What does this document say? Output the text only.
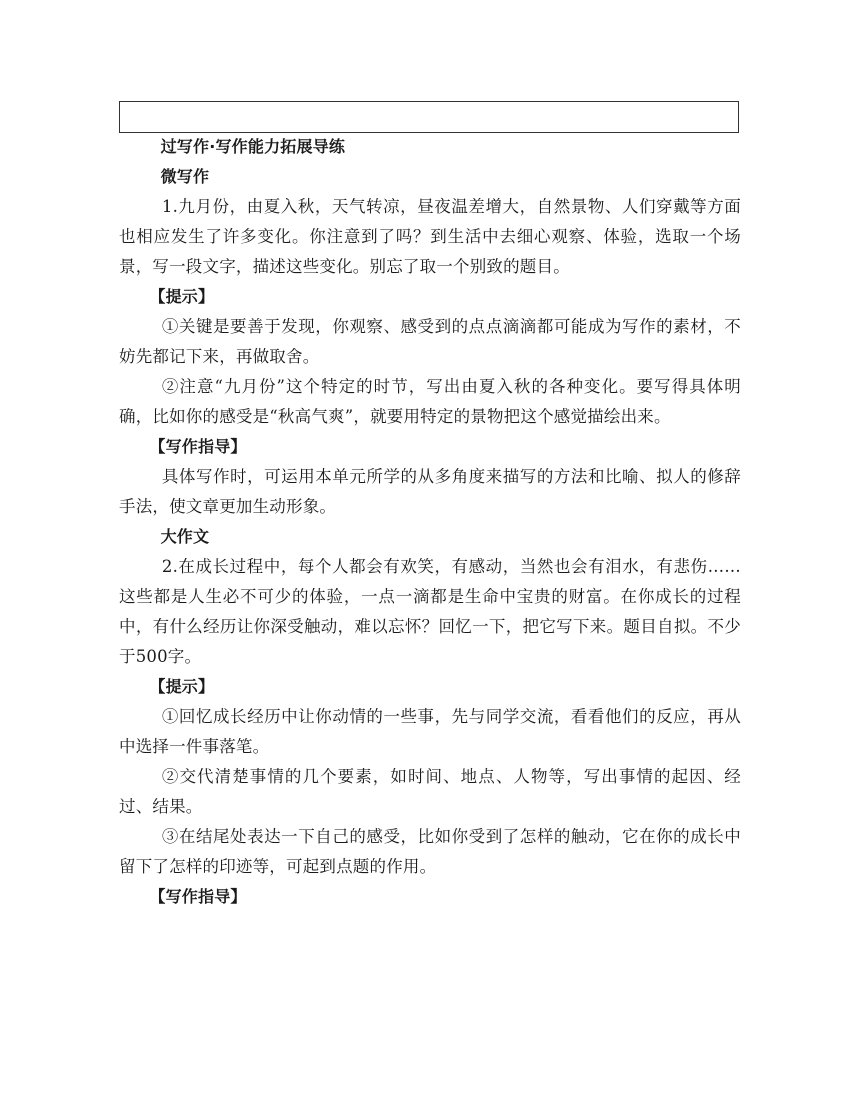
过写作·写作能力拓展导练

微写作

1.九月份，由夏入秋，天气转凉，昼夜温差增大，自然景物、人们穿戴等方面也相应发生了许多变化。你注意到了吗？到生活中去细心观察、体验，选取一个场景，写一段文字，描述这些变化。别忘了取一个别致的题目。

【提示】

①关键是要善于发现，你观察、感受到的点点滴滴都可能成为写作的素材，不妨先都记下来，再做取舍。

②注意“九月份”这个特定的时节，写出由夏入秋的各种变化。要写得具体明确，比如你的感受是“秋高气爽”，就要用特定的景物把这个感觉描绘出来。

【写作指导】

具体写作时，可运用本单元所学的从多角度来描写的方法和比喻、拟人的修辞手法，使文章更加生动形象。

大作文

2.在成长过程中，每个人都会有欢笑，有感动，当然也会有泪水，有悲伤……这些都是人生必不可少的体验，一点一滴都是生命中宝贵的财富。在你成长的过程中，有什么经历让你深受触动，难以忘怀？回忆一下，把它写下来。题目自拟。不少于500字。

【提示】

①回忆成长经历中让你动情的一些事，先与同学交流，看看他们的反应，再从中选择一件事落笔。

②交代清楚事情的几个要素，如时间、地点、人物等，写出事情的起因、经过、结果。

③在结尾处表达一下自己的感受，比如你受到了怎样的触动，它在你的成长中留下了怎样的印迹等，可起到点题的作用。

【写作指导】
